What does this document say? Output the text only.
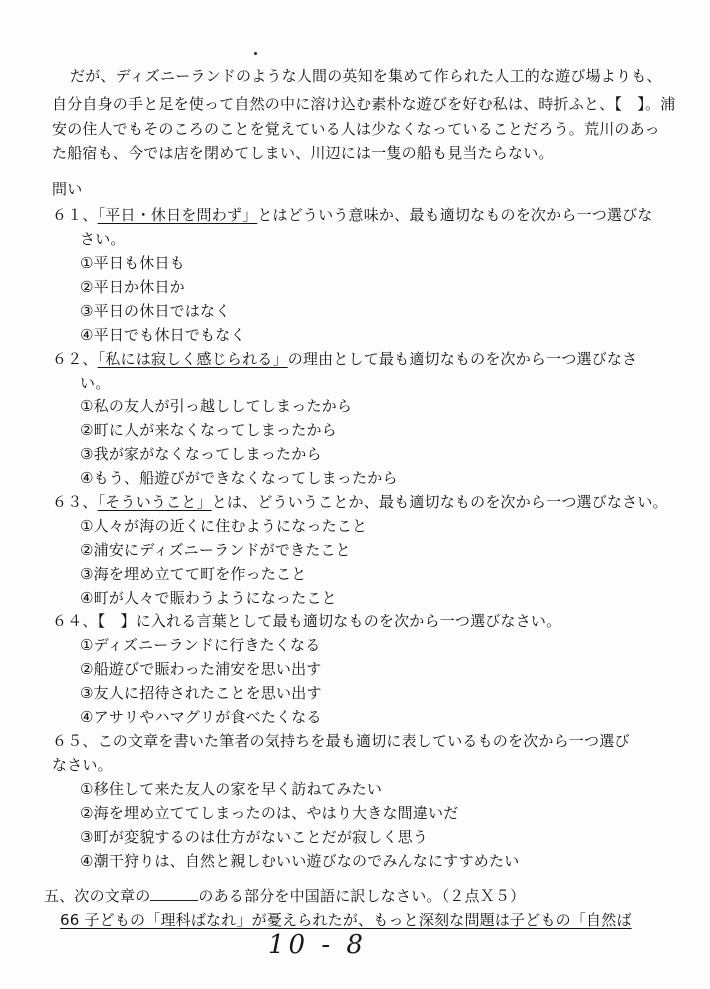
だが、ディズニーランドのような人間の英知を集めて作られた人工的な遊び場よりも、
自分自身の手と足を使って自然の中に溶け込む素朴な遊びを好む私は、時折ふと、【　】。浦
安の住人でもそのころのことを覚えている人は少なくなっていることだろう。荒川のあっ
た船宿も、今では店を閉めてしまい、川辺には一隻の船も見当たらない。
問い
６１、「平日・休日を問わず」とはどういう意味か、最も適切なものを次から一つ選びな
さい。
①平日も休日も
②平日か休日か
③平日の休日ではなく
④平日でも休日でもなく
６２、「私には寂しく感じられる」の理由として最も適切なものを次から一つ選びなさ
い。
①私の友人が引っ越ししてしまったから
②町に人が来なくなってしまったから
③我が家がなくなってしまったから
④もう、船遊びができなくなってしまったから
６３、「そういうこと」とは、どういうことか、最も適切なものを次から一つ選びなさい。
①人々が海の近くに住むようになったこと
②浦安にディズニーランドができたこと
③海を埋め立てて町を作ったこと
④町が人々で賑わうようになったこと
６４、【　】に入れる言葉として最も適切なものを次から一つ選びなさい。
①ディズニーランドに行きたくなる
②船遊びで賑わった浦安を思い出す
③友人に招待されたことを思い出す
④アサリやハマグリが食べたくなる
６５、この文章を書いた筆者の気持ちを最も適切に表しているものを次から一つ選び
なさい。
①移住して来た友人の家を早く訪ねてみたい
②海を埋め立ててしまったのは、やはり大きな間違いだ
③町が変貌するのは仕方がないことだが寂しく思う
④潮干狩りは、自然と親しむいい遊びなのでみんなにすすめたい
五、次の文章の	のある部分を中国語に訳しなさい。（２点Ｘ５）
66 子どもの「理科ばなれ」が憂えられたが、もっと深刻な問題は子どもの「自然ば
10 - 8
